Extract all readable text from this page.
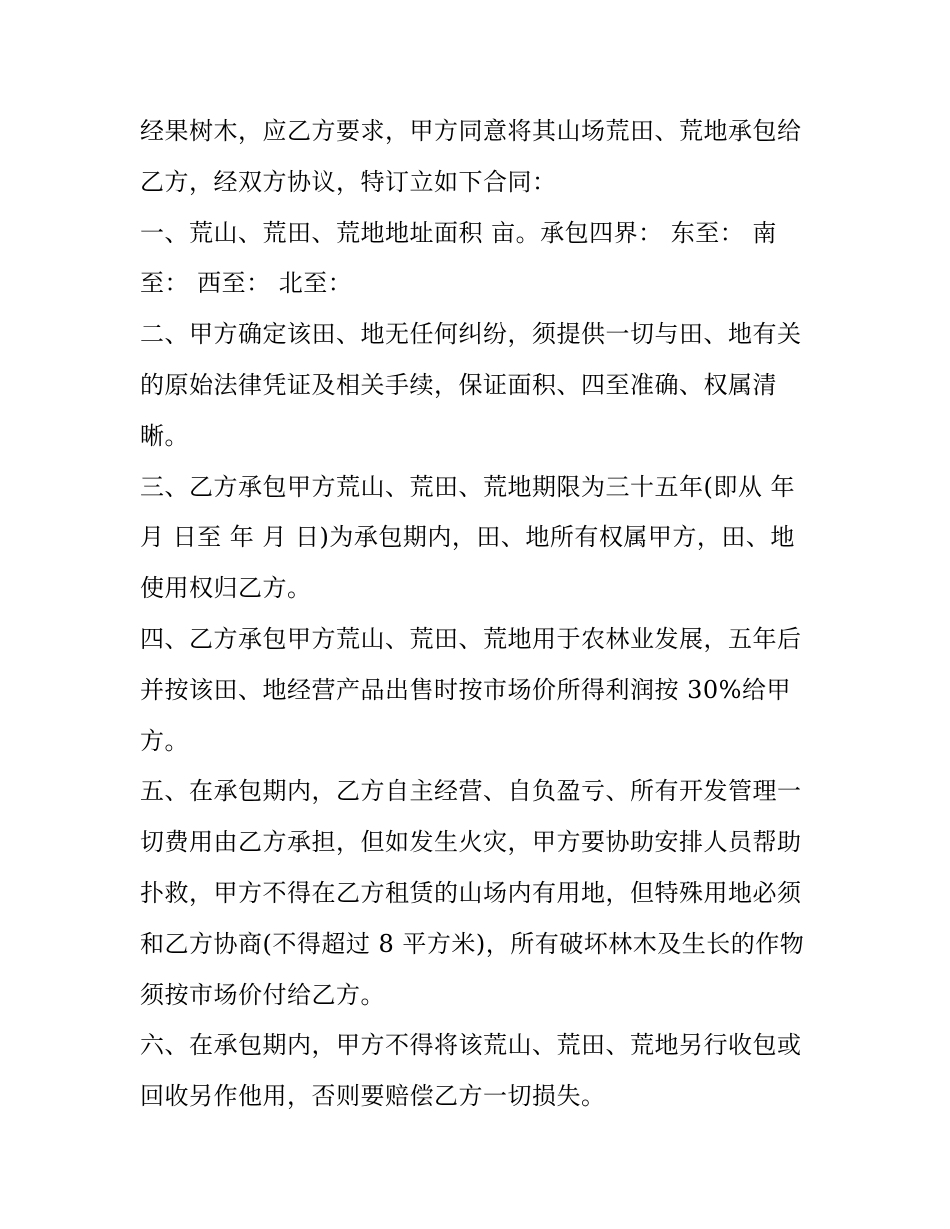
经果树木，应乙方要求，甲方同意将其山场荒田、荒地承包给
乙方，经双方协议，特订立如下合同：
一、荒山、荒田、荒地地址面积 亩。承包四界： 东至： 南
至： 西至： 北至：
二、甲方确定该田、地无任何纠纷，须提供一切与田、地有关
的原始法律凭证及相关手续，保证面积、四至准确、权属清
晰。
三、乙方承包甲方荒山、荒田、荒地期限为三十五年(即从 年
月 日至 年 月 日)为承包期内，田、地所有权属甲方，田、地
使用权归乙方。
四、乙方承包甲方荒山、荒田、荒地用于农林业发展，五年后
并按该田、地经营产品出售时按市场价所得利润按 30%给甲
方。
五、在承包期内，乙方自主经营、自负盈亏、所有开发管理一
切费用由乙方承担，但如发生火灾，甲方要协助安排人员帮助
扑救，甲方不得在乙方租赁的山场内有用地，但特殊用地必须
和乙方协商(不得超过 8 平方米)，所有破坏林木及生长的作物
须按市场价付给乙方。
六、在承包期内，甲方不得将该荒山、荒田、荒地另行收包或
回收另作他用，否则要赔偿乙方一切损失。
